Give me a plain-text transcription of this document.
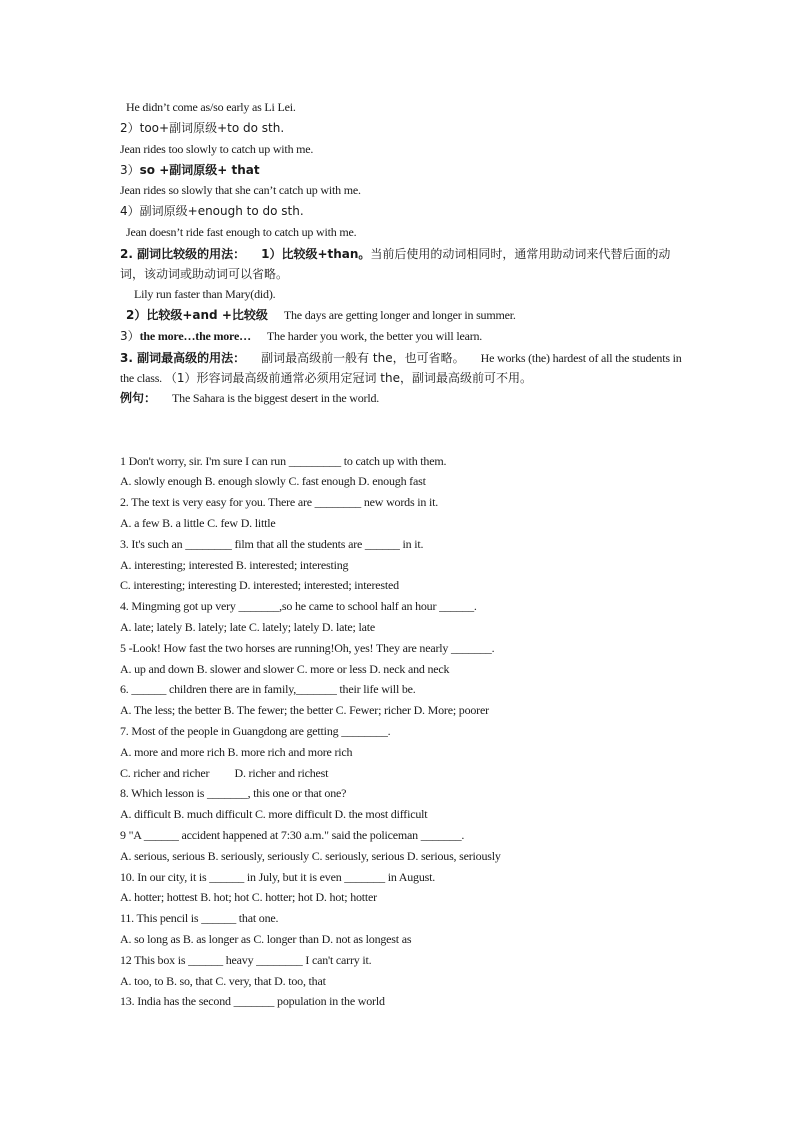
He didn’t come as/so early as Li Lei.
2）too+副词原级+to do sth.
Jean rides too slowly to catch up with me.
3）so +副词原级+ that
Jean rides so slowly that she can’t catch up with me.
4）副词原级+enough to do sth.
Jean doesn’t ride fast enough to catch up with me.
2. 副词比较级的用法： 1）比较级+than。当前后使用的动词相同时，通常用助动词来代替后面的动词，该动词或助动词可以省略。
Lily run faster than Mary(did).
2）比较级+and +比较级 The days are getting longer and longer in summer.
3）the more…the more… The harder you work, the better you will learn.
3. 副词最高级的用法： 副词最高级前一般有 the，也可省略。 He works (the) hardest of all the students in the class. （1）形容词最高级前通常必须用定冠词 the，副词最高级前可不用。
例句： The Sahara is the biggest desert in the world.
1 Don't worry, sir. I'm sure I can run _________ to catch up with them.
A. slowly enough B. enough slowly C. fast enough D. enough fast
2. The text is very easy for you. There are ________ new words in it.
A. a few B. a little C. few D. little
3. It's such an ________ film that all the students are ______ in it.
A. interesting; interested B. interested; interesting
C. interesting; interesting D. interested; interested; interested
4. Mingming got up very _______,so he came to school half an hour ______.
A. late; lately B. lately; late C. lately; lately D. late; late
5 -Look! How fast the two horses are running!Oh, yes! They are nearly _______.
A. up and down B. slower and slower C. more or less D. neck and neck
6. ______ children there are in family,_______ their life will be.
A. The less; the better B. The fewer; the better C. Fewer; richer D. More; poorer
7. Most of the people in Guangdong are getting ________.
A. more and more rich B. more rich and more rich
C. richer and richer         D. richer and richest
8. Which lesson is _______, this one or that one?
A. difficult B. much difficult C. more difficult D. the most difficult
9 "A ______ accident happened at 7:30 a.m." said the policeman _______.
A. serious, serious B. seriously, seriously C. seriously, serious D. serious, seriously
10. In our city, it is ______ in July, but it is even _______ in August.
A. hotter; hottest B. hot; hot C. hotter; hot D. hot; hotter
11. This pencil is ______ that one.
A. so long as B. as longer as C. longer than D. not as longest as
12 This box is ______ heavy ________ I can't carry it.
A. too, to B. so, that C. very, that D. too, that
13. India has the second _______ population in the world
